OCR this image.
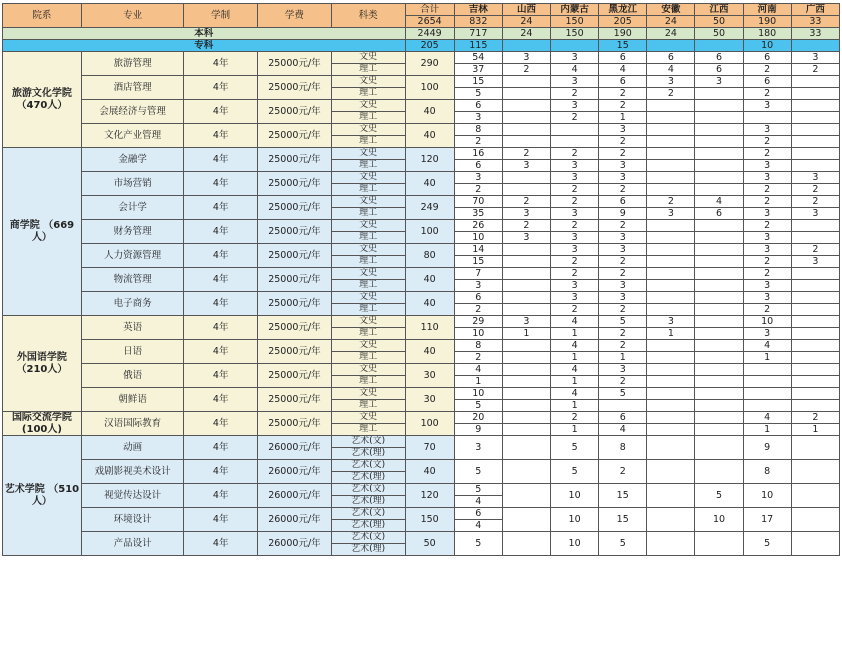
院系	专业	学制	学费	科类	合计	吉林	山西	内蒙古	黑龙江	安徽	江西	河南	广西
					2654	832	24	150	205	24	50	190	33
本科					2449	717	24	150	190	24	50	180	33
专科					205	115			15			10	
旅游文化学院 （470人）	旅游管理	4年	25000元/年	文史	290	54	3	3	6	6	6	6	3
				理工		37	2	4	4	4	6	2	2
	酒店管理	4年	25000元/年	文史	100	15		3	6	3	3	6	
				理工		5		2	2	2		2	
	会展经济与管理	4年	25000元/年	文史	40	6		3	2			3	
				理工		3		2	1				
	文化产业管理	4年	25000元/年	文史	40	8			3			3	
				理工		2			2			2	
商学院 （669人）	金融学	4年	25000元/年	文史	120	16	2	2	2			2	
				理工		6	3	3	3			3	
	市场营销	4年	25000元/年	文史	40	3		3	3			3	3
				理工		2		2	2			2	2
	会计学	4年	25000元/年	文史	249	70	2	2	6	2	4	2	2
				理工		35	3	3	9	3	6	3	3
	财务管理	4年	25000元/年	文史	100	26	2	2	2			2	
				理工		10	3	3	3			3	
	人力资源管理	4年	25000元/年	文史	80	14		3	3			3	2
				理工		15		2	2			2	3
	物流管理	4年	25000元/年	文史	40	7		2	2			2	
				理工		3		3	3			3	
	电子商务	4年	25000元/年	文史	40	6		3	3			3	
				理工		2		2	2			2	
外国语学院 （210人）	英语	4年	25000元/年	文史	110	29	3	4	5	3		10	
				理工		10	1	1	2	1		3	
	日语	4年	25000元/年	文史	40	8		4	2			4	
				理工		2		1	1			1	
	俄语	4年	25000元/年	文史	30	4		4	3				
				理工		1		1	2				
	朝鲜语	4年	25000元/年	文史	30	10		4	5				
				理工		5		1					
国际交流学院(100人)	汉语国际教育	4年	25000元/年	文史	100	20		2	6			4	2
				理工		9		1	4			1	1
艺术学院 （510人）	动画	4年	26000元/年	艺术(文)	70	3		5	8			9	
				艺术(理)									
	戏剧影视美术设计	4年	26000元/年	艺术(文)	40	5		5	2			8	
				艺术(理)									
	视觉传达设计	4年	26000元/年	艺术(文)	120	5		10	15		5	10	
				艺术(理)		4							
	环境设计	4年	26000元/年	艺术(文)	150	6		10	15		10	17	
				艺术(理)		4							
	产品设计	4年	26000元/年	艺术(文)	50	5		10	5			5	
				艺术(理)									
